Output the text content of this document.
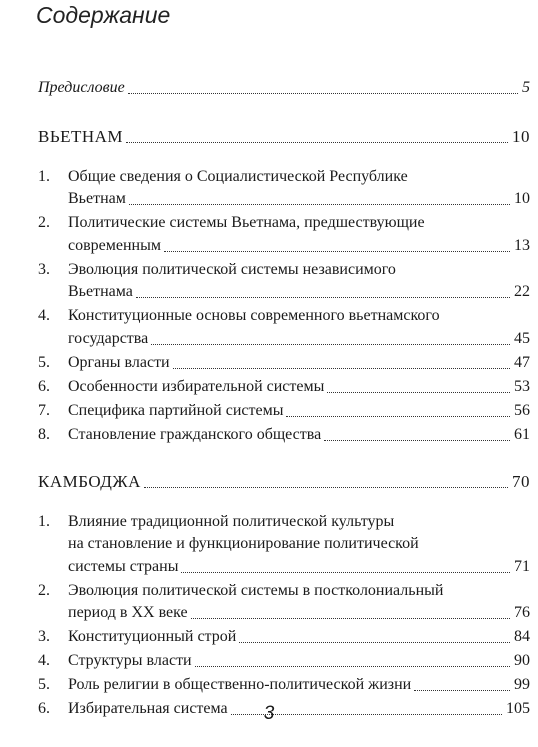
Содержание
Предисловие	5
ВЬЕТНАМ	10
1. Общие сведения о Социалистической Республике
Вьетнам	10
2. Политические системы Вьетнама, предшествующие
современным	13
3. Эволюция политической системы независимого
Вьетнама	22
4. Конституционные основы современного вьетнамского
государства	45
5. Органы власти	47
6. Особенности избирательной системы	53
7. Специфика партийной системы	56
8. Становление гражданского общества	61
КАМБОДЖА	70
1. Влияние традиционной политической культуры
на становление и функционирование политической
системы страны	71
2. Эволюция политической системы в постколониальный
период в XX веке	76
3. Конституционный строй	84
4. Структуры власти	90
5. Роль религии в общественно-политической жизни	99
6. Избирательная система	105
3
